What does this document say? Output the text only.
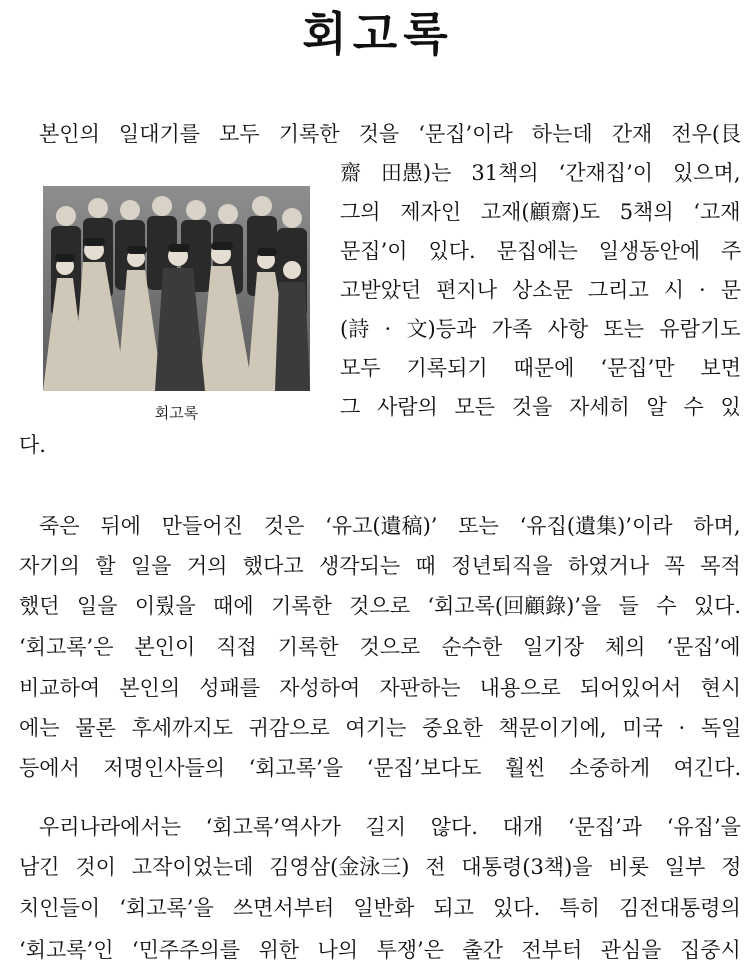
회고록
본인의 일대기를 모두 기록한 것을 ‘문집’이라 하는데 간재 전우(艮
齋 田愚)는 31책의 ‘간재집’이 있으며,
그의 제자인 고재(顧齋)도 5책의 ‘고재
문집’이 있다. 문집에는 일생동안에 주
고받았던 편지나 상소문 그리고 시 · 문
(詩 · 文)등과 가족 사항 또는 유람기도
모두 기록되기 때문에 ‘문집’만 보면
그 사람의 모든 것을 자세히 알 수 있
다.
죽은 뒤에 만들어진 것은 ‘유고(遺稿)’ 또는 ‘유집(遺集)’이라 하며,
자기의 할 일을 거의 했다고 생각되는 때 정년퇴직을 하였거나 꼭 목적
했던 일을 이뤘을 때에 기록한 것으로 ‘회고록(回顧錄)’을 들 수 있다.
‘회고록’은 본인이 직접 기록한 것으로 순수한 일기장 체의 ‘문집’에
비교하여 본인의 성패를 자성하여 자판하는 내용으로 되어있어서 현시
에는 물론 후세까지도 귀감으로 여기는 중요한 책문이기에, 미국 · 독일
등에서 저명인사들의 ‘회고록’을 ‘문집’보다도 훨씬 소중하게 여긴다.
우리나라에서는 ‘회고록’역사가 길지 않다. 대개 ‘문집’과 ‘유집’을
남긴 것이 고작이었는데 김영삼(金泳三) 전 대통령(3책)을 비롯 일부 정
치인들이 ‘회고록’을 쓰면서부터 일반화 되고 있다. 특히 김전대통령의
‘회고록’인 ‘민주주의를 위한 나의 투쟁’은 출간 전부터 관심을 집중시
회고록
